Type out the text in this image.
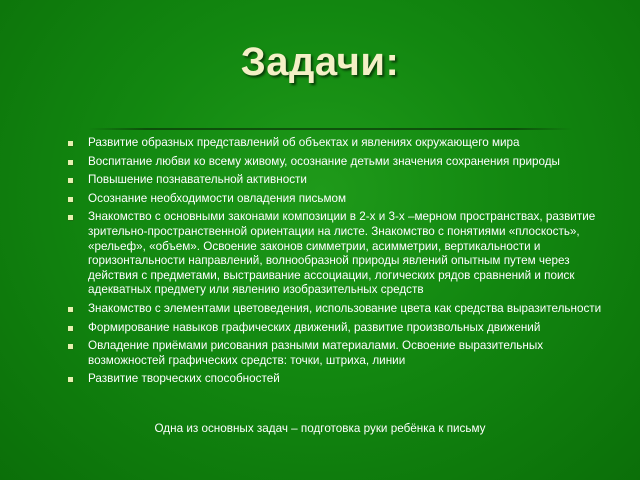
Задачи:
Развитие образных представлений об объектах и явлениях окружающего мира
Воспитание любви ко всему живому, осознание детьми значения сохранения природы
Повышение познавательной активности
Осознание необходимости овладения письмом
Знакомство с основными законами композиции в 2-х и 3-х –мерном пространствах, развитие зрительно-пространственной ориентации на листе. Знакомство с понятиями «плоскость», «рельеф», «объем». Освоение законов симметрии, асимметрии, вертикальности и горизонтальности направлений, волнообразной природы явлений опытным путем через действия с предметами, выстраивание ассоциации, логических рядов сравнений и поиск адекватных предмету или явлению изобразительных средств
Знакомство с элементами цветоведения, использование цвета как средства выразительности
Формирование навыков графических движений, развитие произвольных движений
Овладение приёмами рисования разными материалами. Освоение выразительных возможностей графических средств: точки, штриха, линии
Развитие творческих способностей
Одна из основных задач – подготовка руки ребёнка к письму
